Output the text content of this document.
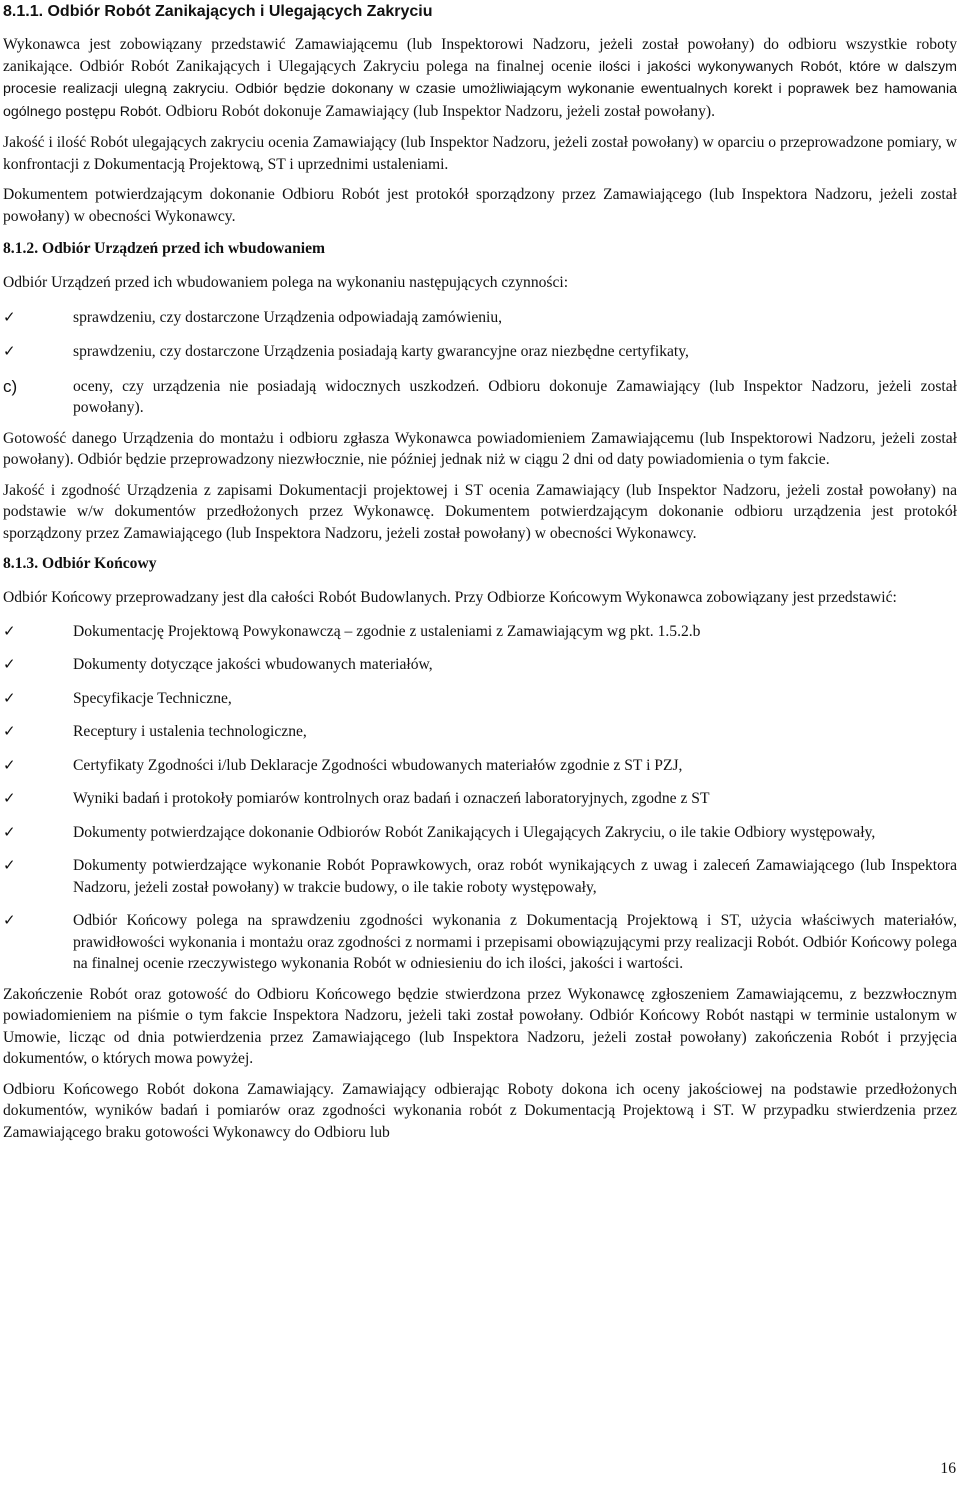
8.1.1. Odbiór Robót Zanikających i Ulegających Zakryciu

Wykonawca jest zobowiązany przedstawić Zamawiającemu (lub Inspektorowi Nadzoru, jeżeli został powołany) do odbioru wszystkie roboty zanikające. Odbiór Robót Zanikających i Ulegających Zakryciu polega na finalnej ocenie ilości i jakości wykonywanych Robót, które w dalszym procesie realizacji ulegną zakryciu. Odbiór będzie dokonany w czasie umożliwiającym wykonanie ewentualnych korekt i poprawek bez hamowania ogólnego postępu Robót. Odbioru Robót dokonuje Zamawiający (lub Inspektor Nadzoru, jeżeli został powołany).

Jakość i ilość Robót ulegających zakryciu ocenia Zamawiający (lub Inspektor Nadzoru, jeżeli został powołany) w oparciu o przeprowadzone pomiary, w konfrontacji z Dokumentacją Projektową, ST i uprzednimi ustaleniami.

Dokumentem potwierdzającym dokonanie Odbioru Robót jest protokół sporządzony przez Zamawiającego (lub Inspektora Nadzoru, jeżeli został powołany) w obecności Wykonawcy.

8.1.2. Odbiór Urządzeń przed ich wbudowaniem

Odbiór Urządzeń przed ich wbudowaniem polega na wykonaniu następujących czynności:

✓	sprawdzeniu, czy dostarczone Urządzenia odpowiadają zamówieniu,
✓	sprawdzeniu, czy dostarczone Urządzenia posiadają karty gwarancyjne oraz niezbędne certyfikaty,
c)	oceny, czy urządzenia nie posiadają widocznych uszkodzeń. Odbioru dokonuje Zamawiający (lub Inspektor Nadzoru, jeżeli został powołany).

Gotowość danego Urządzenia do montażu i odbioru zgłasza Wykonawca powiadomieniem Zamawiającemu (lub Inspektorowi Nadzoru, jeżeli został powołany). Odbiór będzie przeprowadzony niezwłocznie, nie później jednak niż w ciągu 2 dni od daty powiadomienia o tym fakcie.

Jakość i zgodność Urządzenia z zapisami Dokumentacji projektowej i ST ocenia Zamawiający (lub Inspektor Nadzoru, jeżeli został powołany) na podstawie w/w dokumentów przedłożonych przez Wykonawcę. Dokumentem potwierdzającym dokonanie odbioru urządzenia jest protokół sporządzony przez Zamawiającego (lub Inspektora Nadzoru, jeżeli został powołany) w obecności Wykonawcy.

8.1.3. Odbiór Końcowy

Odbiór Końcowy przeprowadzany jest dla całości Robót Budowlanych. Przy Odbiorze Końcowym Wykonawca zobowiązany jest przedstawić:

✓	Dokumentację Projektową Powykonawczą – zgodnie z ustaleniami z Zamawiającym wg pkt. 1.5.2.b
✓	Dokumenty dotyczące jakości wbudowanych materiałów,
✓	Specyfikacje Techniczne,
✓	Receptury i ustalenia technologiczne,
✓	Certyfikaty Zgodności i/lub Deklaracje Zgodności wbudowanych materiałów zgodnie z ST i PZJ,
✓	Wyniki badań i protokoły pomiarów kontrolnych oraz badań i oznaczeń laboratoryjnych, zgodne z ST
✓	Dokumenty potwierdzające dokonanie Odbiorów Robót Zanikających i Ulegających Zakryciu, o ile takie Odbiory występowały,
✓	Dokumenty potwierdzające wykonanie Robót Poprawkowych, oraz robót wynikających z uwag i zaleceń Zamawiającego (lub Inspektora Nadzoru, jeżeli został powołany) w trakcie budowy, o ile takie roboty występowały,
✓	Odbiór Końcowy polega na sprawdzeniu zgodności wykonania z Dokumentacją Projektową i ST, użycia właściwych materiałów, prawidłowości wykonania i montażu oraz zgodności z normami i przepisami obowiązującymi przy realizacji Robót. Odbiór Końcowy polega na finalnej ocenie rzeczywistego wykonania Robót w odniesieniu do ich ilości, jakości i wartości.

Zakończenie Robót oraz gotowość do Odbioru Końcowego będzie stwierdzona przez Wykonawcę zgłoszeniem Zamawiającemu, z bezzwłocznym powiadomieniem na piśmie o tym fakcie Inspektora Nadzoru, jeżeli taki został powołany. Odbiór Końcowy Robót nastąpi w terminie ustalonym w Umowie, licząc od dnia potwierdzenia przez Zamawiającego (lub Inspektora Nadzoru, jeżeli został powołany) zakończenia Robót i przyjęcia dokumentów, o których mowa powyżej.

Odbioru Końcowego Robót dokona Zamawiający. Zamawiający odbierając Roboty dokona ich oceny jakościowej na podstawie przedłożonych dokumentów, wyników badań i pomiarów oraz zgodności wykonania robót z Dokumentacją Projektową i ST. W przypadku stwierdzenia przez Zamawiającego braku gotowości Wykonawcy do Odbioru lub

16
